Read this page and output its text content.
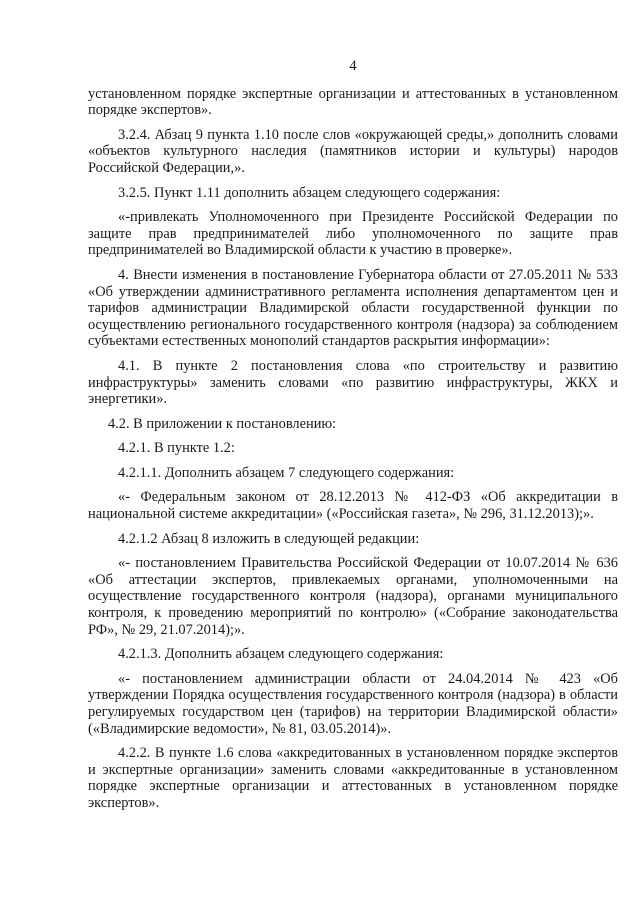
4

установленном порядке экспертные организации и аттестованных в установленном порядке экспертов».

3.2.4. Абзац 9 пункта 1.10 после слов «окружающей среды,» дополнить словами «объектов культурного наследия (памятников истории и культуры) народов Российской Федерации,».

3.2.5. Пункт 1.11 дополнить абзацем следующего содержания:

«-привлекать Уполномоченного при Президенте Российской Федерации по защите прав предпринимателей либо уполномоченного по защите прав предпринимателей во Владимирской области к участию в проверке».

4. Внести изменения в постановление Губернатора области от 27.05.2011 № 533 «Об утверждении административного регламента исполнения департаментом цен и тарифов администрации Владимирской области государственной функции по осуществлению регионального государственного контроля (надзора) за соблюдением субъектами естественных монополий стандартов раскрытия информации»:

4.1. В пункте 2 постановления слова «по строительству и развитию инфраструктуры» заменить словами «по развитию инфраструктуры, ЖКХ и энергетики».

4.2. В приложении к постановлению:

4.2.1. В пункте 1.2:

4.2.1.1. Дополнить абзацем 7 следующего содержания:

«- Федеральным законом от 28.12.2013 № 412-ФЗ «Об аккредитации в национальной системе аккредитации» («Российская газета», № 296, 31.12.2013);».

4.2.1.2 Абзац 8 изложить в следующей редакции:

«- постановлением Правительства Российской Федерации от 10.07.2014 № 636 «Об аттестации экспертов, привлекаемых органами, уполномоченными на осуществление государственного контроля (надзора), органами муниципального контроля, к проведению мероприятий по контролю» («Собрание законодательства РФ», № 29, 21.07.2014);».

4.2.1.3. Дополнить абзацем следующего содержания:

«- постановлением администрации области от 24.04.2014 № 423 «Об утверждении Порядка осуществления государственного контроля (надзора) в области регулируемых государством цен (тарифов) на территории Владимирской области» («Владимирские ведомости», № 81, 03.05.2014)».

4.2.2. В пункте 1.6 слова «аккредитованных в установленном порядке экспертов и экспертные организации» заменить словами «аккредитованные в установленном порядке экспертные организации и аттестованных в установленном порядке экспертов».
